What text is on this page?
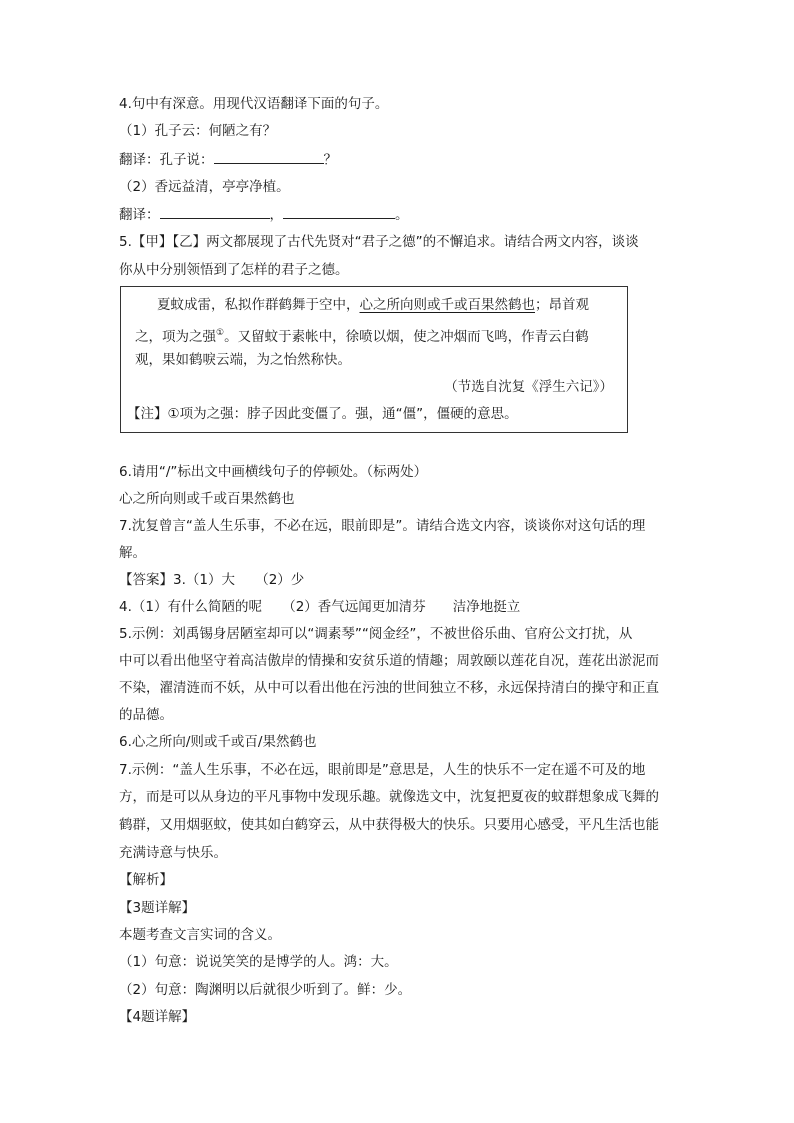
4.句中有深意。用现代汉语翻译下面的句子。
（1）孔子云：何陋之有？
翻译：孔子说：	？
（2）香远益清，亭亭净植。
翻译：	，	。
5.【甲】【乙】两文都展现了古代先贤对“君子之德”的不懈追求。请结合两文内容，谈谈
你从中分别领悟到了怎样的君子之德。
夏蚊成雷，私拟作群鹤舞于空中，心之所向则或千或百果然鹤也；昂首观
之，项为之强①。又留蚊于素帐中，徐喷以烟，使之冲烟而飞鸣，作青云白鹤
观，果如鹤唳云端，为之怡然称快。
（节选自沈复《浮生六记》）
【注】①项为之强：脖子因此变僵了。强，通“僵”，僵硬的意思。
6.请用“/”标出文中画横线句子的停顿处。（标两处）
心之所向则或千或百果然鹤也
7.沈复曾言“盖人生乐事，不必在远，眼前即是”。请结合选文内容，谈谈你对这句话的理
解。
【答案】3.（1）大　　（2）少
4.（1）有什么简陋的呢　　（2）香气远闻更加清芬　　洁净地挺立
5.示例：刘禹锡身居陋室却可以“调素琴”“阅金经”，不被世俗乐曲、官府公文打扰，从
中可以看出他坚守着高洁傲岸的情操和安贫乐道的情趣；周敦颐以莲花自况，莲花出淤泥而
不染，濯清涟而不妖，从中可以看出他在污浊的世间独立不移，永远保持清白的操守和正直
的品德。
6.心之所向/则或千或百/果然鹤也
7.示例：“盖人生乐事，不必在远，眼前即是”意思是，人生的快乐不一定在遥不可及的地
方，而是可以从身边的平凡事物中发现乐趣。就像选文中，沈复把夏夜的蚊群想象成飞舞的
鹤群，又用烟驱蚊，使其如白鹤穿云，从中获得极大的快乐。只要用心感受，平凡生活也能
充满诗意与快乐。
【解析】
【3题详解】
本题考查文言实词的含义。
（1）句意：说说笑笑的是博学的人。鸿：大。
（2）句意：陶渊明以后就很少听到了。鲜：少。
【4题详解】
